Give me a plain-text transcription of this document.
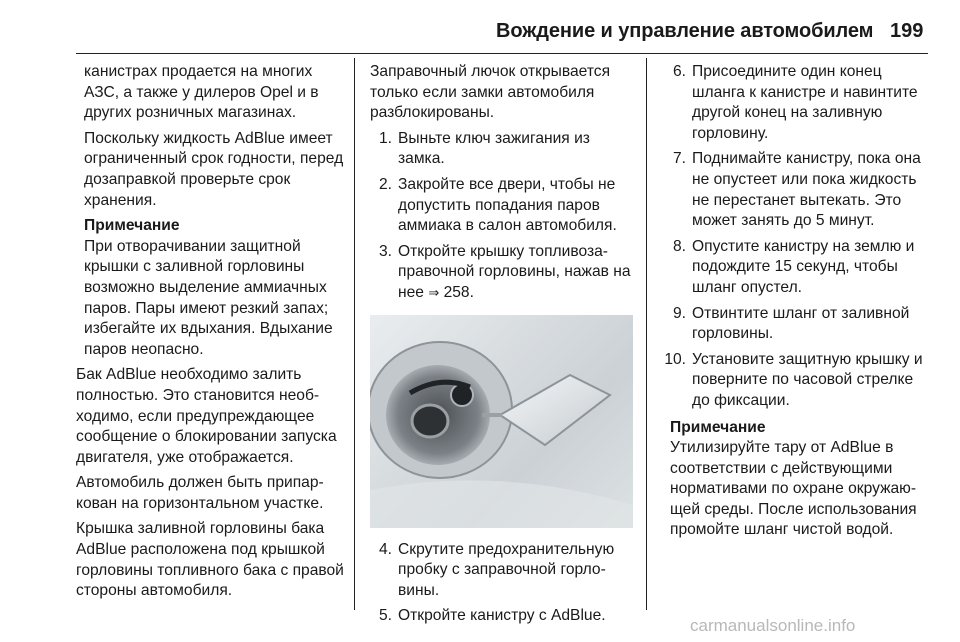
Вождение и управление автомобилем 199

канистрах продается на многих АЗС, а также у дилеров Opel и в других розничных магазинах.

Поскольку жидкость AdBlue имеет ограниченный срок годности, перед дозаправкой проверьте срок хранения.

Примечание
При отворачивании защитной крышки с заливной горловины возможно выделение аммиачных паров. Пары имеют резкий запах; избегайте их вдыхания. Вдыхание паров неопасно.

Бак AdBlue необходимо залить полностью. Это становится необходимо, если предупреждающее сообщение о блокировании запуска двигателя, уже отображается.

Автомобиль должен быть припаркован на горизонтальном участке.

Крышка заливной горловины бака AdBlue расположена под крышкой горловины топливного бака с правой стороны автомобиля.

Заправочный лючок открывается только если замки автомобиля разблокированы.

1. Выньте ключ зажигания из замка.
2. Закройте все двери, чтобы не допустить попадания паров аммиака в салон автомобиля.
3. Откройте крышку топливозаправочной горловины, нажав на нее ⇒ 258.
4. Скрутите предохранительную пробку с заправочной горловины.
5. Откройте канистру с AdBlue.
6. Присоедините один конец шланга к канистре и навинтите другой конец на заливную горловину.
7. Поднимайте канистру, пока она не опустеет или пока жидкость не перестанет вытекать. Это может занять до 5 минут.
8. Опустите канистру на землю и подождите 15 секунд, чтобы шланг опустел.
9. Отвинтите шланг от заливной горловины.
10. Установите защитную крышку и поверните по часовой стрелке до фиксации.
Примечание
Утилизируйте тару от AdBlue в соответствии с действующими нормативами по охране окружающей среды. После использования промойте шланг чистой водой.
carmanualsonline.info
